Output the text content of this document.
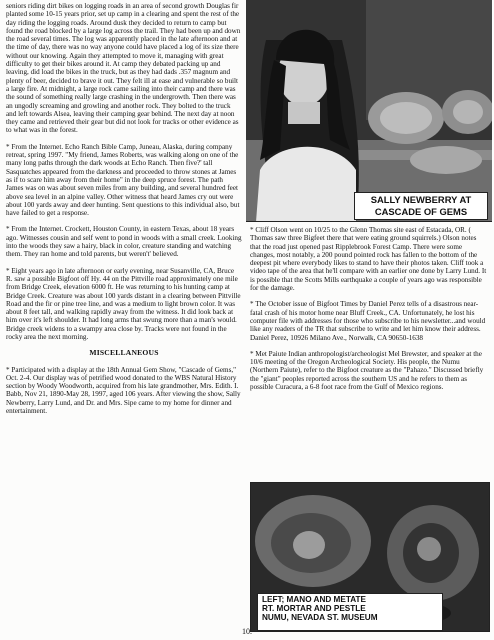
seniors riding dirt bikes on logging roads in an area of second growth Douglas fir planted some 10-15 years prior, set up camp in a clearing and spent the rest of the day riding the logging roads. Around dusk they decided to return to camp but found the road blocked by a large log across the trail. They had been up and down the road several times. The log was apparently placed in the late afternoon and at the time of day, there was no way anyone could have placed a log of its size there without our knowing. Again they attempted to move it, managing with great difficulty to get their bikes around it. At camp they debated packing up and leaving, did load the bikes in the truck, but as they had dads .357 magnum and plenty of beer, decided to brave it out. They felt ill at ease and vulnerable so built a large fire. At midnight, a large rock came sailing into their camp and there was the sound of something really large crashing in the undergrowth. Then there was an ungodly screaming and growling and another rock. They bolted to the truck and left towards Alsea, leaving their camping gear behind. The next day at noon they came and retrieved their gear but did not look for tracks or other evidence as to what was in the forest.

* From the Internet. Echo Ranch Bible Camp, Juneau, Alaska, during company retreat, spring 1997. "My friend, James Roberts, was walking along on one of the many long paths through the dark woods at Echo Ranch. Then five?' tall Sasquatches appeared from the darkness and proceeded to throw stones at James as if to scare him away from their home" in the deep spruce forest. The path James was on was about seven miles from any building, and several hundred feet above sea level in an alpine valley. Other witness that heard James cry out were about 100 yards away and deer hunting. Sent questions to this individual also, but have failed to get a response.

* From the Internet. Crockett, Houston County, in eastern Texas, about 18 years ago. Witnesses cousin and self went to pond in woods with a small creek. Looking into the woods they saw a hairy, black in color, creature standing and watching them. They ran home and told parents, but weren't' believed.

* Eight years ago in late afternoon or early evening, near Susanville, CA, Bruce R. saw a possible Bigfoot off Hy. 44 on the Pittville road approximately one mile from Bridge Creek, elevation 6000 ft. He was returning to his hunting camp at Bridge Creek. Creature was about 100 yards distant in a clearing between Pittville Road and the fir or pine tree line, and was a medium to light brown color. It was about 8 feet tall, and walking rapidly away from the witness. It did look back at him over it's left shoulder. It had long arms that swung more than a man's would. Bridge creek widens to a swampy area close by. Tracks were not found in the rocky area the next morning.

MISCELLANEOUS

* Participated with a display at the 18th Annual Gem Show, "Cascade of Gems," Oct. 2-4. Our display was of petrified wood donated to the WBS Natural History section by Woody Woodworth, acquired from his late grandmother, Mrs. Edith. I. Babb, Nov 21, 1890-May 28, 1997, aged 106 years. After viewing the show, Sally Newberry, Larry Lund, and Dr. and Mrs. Sipe came to my home for dinner and entertainment.

SALLY NEWBERRY AT
CASCADE OF GEMS

* Cliff Olson went on 10/25 to the Glenn Thomas site east of Estacada, OR. ( Thomas saw three Bigfeet there that were eating ground squirrels.) Olson notes that the road just opened past Ripplebrook Forest Camp. There were some changes, most notably, a 200 pound pointed rock has fallen to the bottom of the deepest pit where everybody likes to stand to have their photos taken. Cliff took a video tape of the area that he'll compare with an earlier one done by Larry Lund. It is possible that the Scotts Mills earthquake a couple of years ago was responsible for the damage.

* The October issue of Bigfoot Times by Daniel Perez tells of a disastrous near-fatal crash of his motor home near Bluff Creek., CA. Unfortunately, he lost his computer file with addresses for those who subscribe to his newsletter...and would like any readers of the TR that subscribe to write and let him know their address. Daniel Perez, 10926 Milano Ave., Norwalk, CA 90650-1638

* Met Paiute Indian anthropologist/archeologist Mel Brewster, and speaker at the 10/6 meeting of the Oregon Archeological Society. His people, the Numu (Northern Paiute), refer to the Bigfoot creature as the "Pahazo." Discussed briefly the "giant" peoples reported across the southern US and he refers to them as possible Curacura, a 6-8 foot race from the Gulf of Mexico regions.

LEFT; MANO AND METATE
RT. MORTAR AND PESTLE
NUMU, NEVADA ST. MUSEUM
10.
